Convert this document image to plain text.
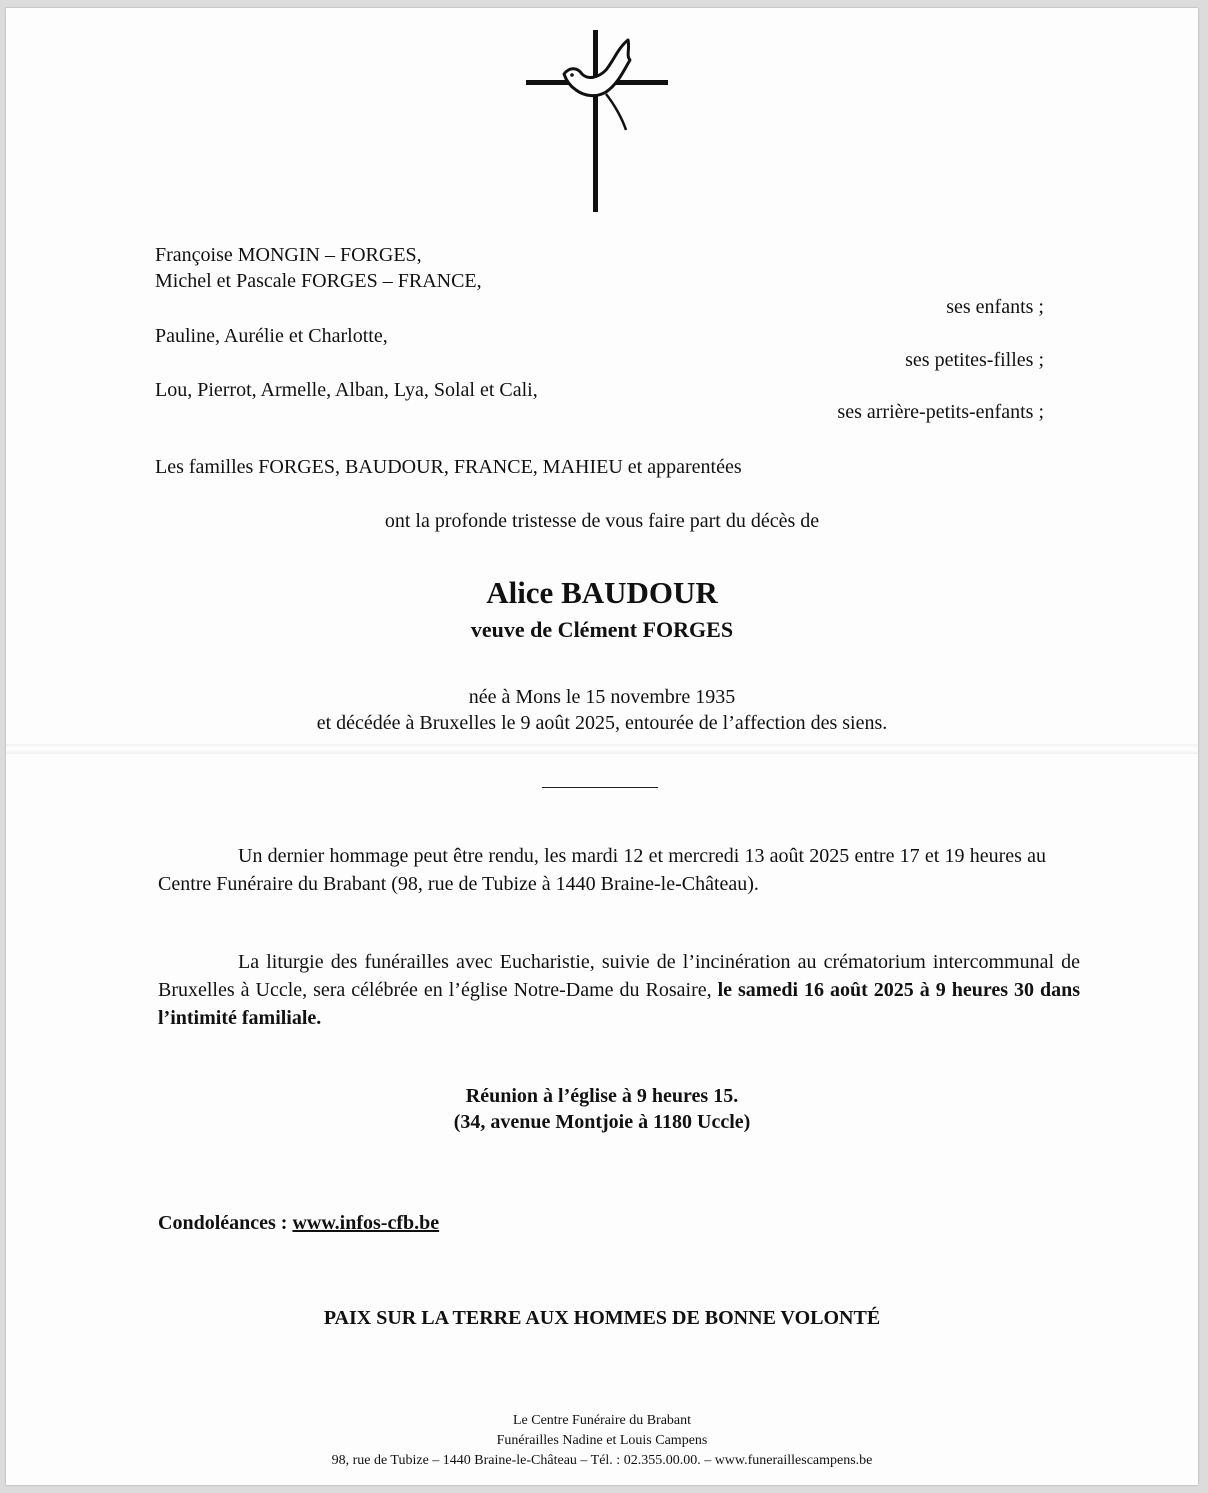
Françoise MONGIN – FORGES,
Michel et Pascale FORGES – FRANCE,
ses enfants ;
Pauline, Aurélie et Charlotte,
ses petites-filles ;
Lou, Pierrot, Armelle, Alban, Lya, Solal et Cali,
ses arrière-petits-enfants ;
Les familles FORGES, BAUDOUR, FRANCE, MAHIEU et apparentées
ont la profonde tristesse de vous faire part du décès de
Alice BAUDOUR
veuve de Clément FORGES
née à Mons le 15 novembre 1935
et décédée à Bruxelles le 9 août 2025, entourée de l’affection des siens.
Un dernier hommage peut être rendu, les mardi 12 et mercredi 13 août 2025 entre 17 et 19 heures au Centre Funéraire du Brabant (98, rue de Tubize à 1440 Braine-le-Château).
La liturgie des funérailles avec Eucharistie, suivie de l’incinération au crématorium intercommunal de Bruxelles à Uccle, sera célébrée en l’église Notre-Dame du Rosaire, le samedi 16 août 2025 à 9 heures 30 dans l’intimité familiale.
Réunion à l’église à 9 heures 15.
(34, avenue Montjoie à 1180 Uccle)
Condoléances : www.infos-cfb.be
PAIX SUR LA TERRE AUX HOMMES DE BONNE VOLONTÉ
Le Centre Funéraire du Brabant
Funérailles Nadine et Louis Campens
98, rue de Tubize – 1440 Braine-le-Château – Tél. : 02.355.00.00. – www.funeraillescampens.be
